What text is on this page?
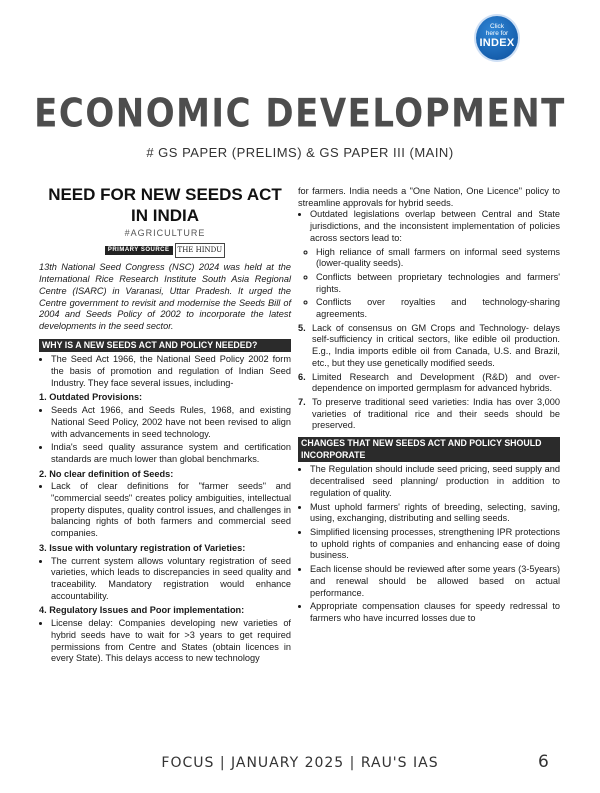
Click
here for
INDEX
ECONOMIC DEVELOPMENT
# GS PAPER (PRELIMS) & GS PAPER III (MAIN)

NEED FOR NEW SEEDS ACT

IN INDIA

#AGRICULTURE
PRIMARY SOURCE THE HINDU

13th National Seed Congress (NSC) 2024 was held at the International Rice Research Institute South Asia Regional Centre (ISARC) in Varanasi, Uttar Pradesh. It urged the Centre government to revisit and modernise the Seeds Bill of 2004 and Seeds Policy of 2002 to incorporate the latest developments in the seed sector.

WHY IS A NEW SEEDS ACT AND POLICY NEEDED?
• The Seed Act 1966, the National Seed Policy 2002 form the basis of promotion and regulation of Indian Seed Industry. They face several issues, including-
1. Outdated Provisions:
• Seeds Act 1966, and Seeds Rules, 1968, and existing National Seed Policy, 2002 have not been revised to align with advancements in seed technology.
• India's seed quality assurance system and certification standards are much lower than global benchmarks.
2. No clear definition of Seeds:
• Lack of clear definitions for "farmer seeds" and "commercial seeds" creates policy ambiguities, intellectual property disputes, quality control issues, and challenges in balancing rights of both farmers and commercial seed companies.
3. Issue with voluntary registration of Varieties:
• The current system allows voluntary registration of seed varieties, which leads to discrepancies in seed quality and traceability. Mandatory registration would enhance accountability.
4. Regulatory Issues and Poor implementation:
• License delay: Companies developing new varieties of hybrid seeds have to wait for >3 years to get required permissions from Centre and States (obtain licences in every State). This delays access to new technology

for farmers. India needs a "One Nation, One Licence" policy to streamline approvals for hybrid seeds.

• Outdated legislations overlap between Central and State jurisdictions, and the inconsistent implementation of policies across sectors lead to:
◦ High reliance of small farmers on informal seed systems (lower-quality seeds).
◦ Conflicts between proprietary technologies and farmers' rights.
◦ Conflicts over royalties and technology-sharing agreements.
5. Lack of consensus on GM Crops and Technology- delays self-sufficiency in critical sectors, like edible oil production. E.g., India imports edible oil from Canada, U.S. and Brazil, etc., but they use genetically modified seeds.
6. Limited Research and Development (R&D) and over-dependence on imported germplasm for advanced hybrids.
7. To preserve traditional seed varieties: India has over 3,000 varieties of traditional rice and their seeds should be preserved.
CHANGES THAT NEW SEEDS ACT AND POLICY SHOULD INCORPORATE
• The Regulation should include seed pricing, seed supply and decentralised seed planning/ production in addition to regulation of quality.
• Must uphold farmers' rights of breeding, selecting, saving, using, exchanging, distributing and selling seeds.
• Simplified licensing processes, strengthening IPR protections to uphold rights of companies and enhancing ease of doing business.
• Each license should be reviewed after some years (3-5years) and renewal should be allowed based on actual performance.
• Appropriate compensation clauses for speedy redressal to farmers who have incurred losses due to
FOCUS | JANUARY 2025 | RAU'S IAS	6
